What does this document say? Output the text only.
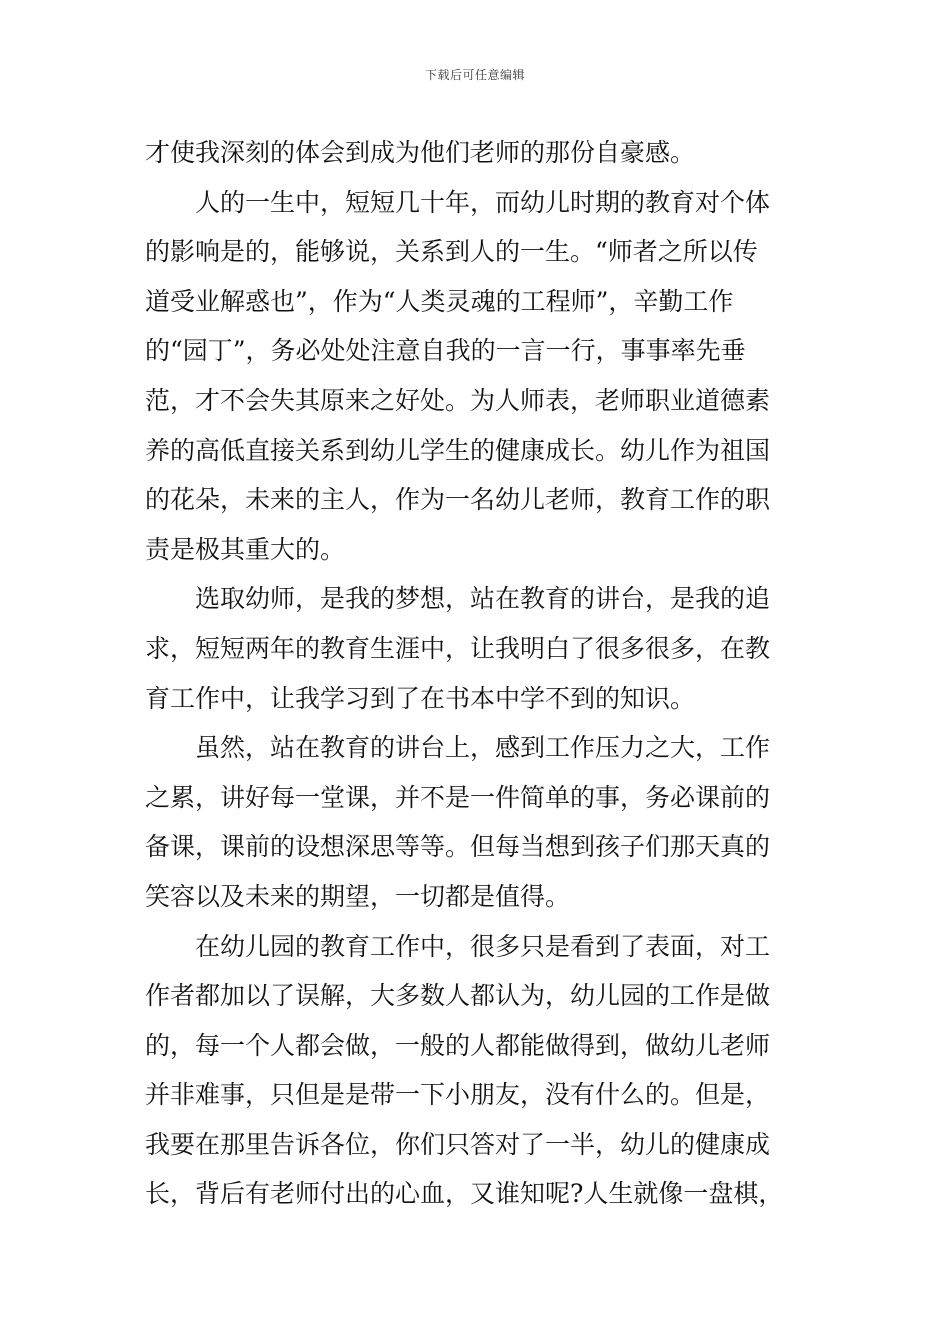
下载后可任意编辑
才使我深刻的体会到成为他们老师的那份自豪感。
人的一生中，短短几十年，而幼儿时期的教育对个体
的影响是的，能够说，关系到人的一生。“师者之所以传
道受业解惑也”，作为“人类灵魂的工程师”，辛勤工作
的“园丁”，务必处处注意自我的一言一行，事事率先垂
范，才不会失其原来之好处。为人师表，老师职业道德素
养的高低直接关系到幼儿学生的健康成长。幼儿作为祖国
的花朵，未来的主人，作为一名幼儿老师，教育工作的职
责是极其重大的。
选取幼师，是我的梦想，站在教育的讲台，是我的追
求，短短两年的教育生涯中，让我明白了很多很多，在教
育工作中，让我学习到了在书本中学不到的知识。
虽然，站在教育的讲台上，感到工作压力之大，工作
之累，讲好每一堂课，并不是一件简单的事，务必课前的
备课，课前的设想深思等等。但每当想到孩子们那天真的
笑容以及未来的期望，一切都是值得。
在幼儿园的教育工作中，很多只是看到了表面，对工
作者都加以了误解，大多数人都认为，幼儿园的工作是做
的，每一个人都会做，一般的人都能做得到，做幼儿老师
并非难事，只但是是带一下小朋友，没有什么的。但是，
我要在那里告诉各位，你们只答对了一半，幼儿的健康成
长，背后有老师付出的心血，又谁知呢?人生就像一盘棋，
